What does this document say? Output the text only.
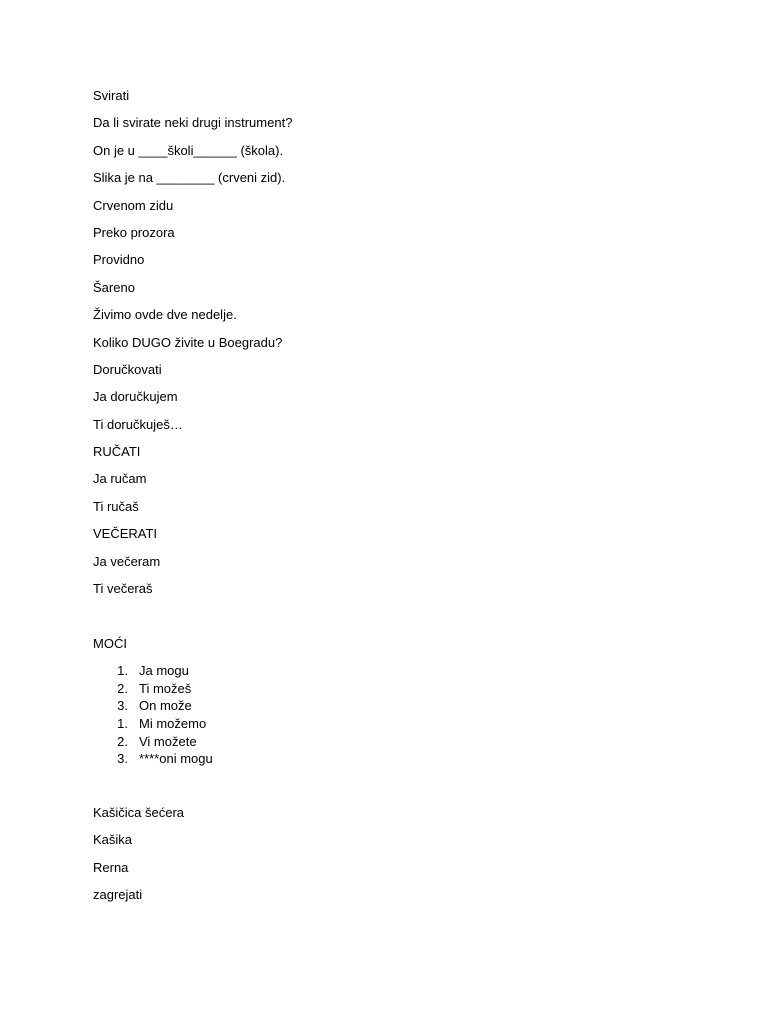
Svirati

Da li svirate neki drugi instrument?

On je u ____školi______ (škola).

Slika je na ________ (crveni zid).

Crvenom zidu

Preko prozora

Providno

Šareno

Živimo ovde dve nedelje.

Koliko DUGO živite u Boegradu?

Doručkovati

Ja doručkujem

Ti doručkuješ…

RUČATI

Ja ručam

Ti ručaš

VEČERATI

Ja večeram

Ti večeraš

MOĆI

1. Ja mogu
2. Ti možeš
3. On može
1. Mi možemo
2. Vi možete
3. ****oni mogu

Kašičica šećera

Kašika

Rerna

zagrejati
